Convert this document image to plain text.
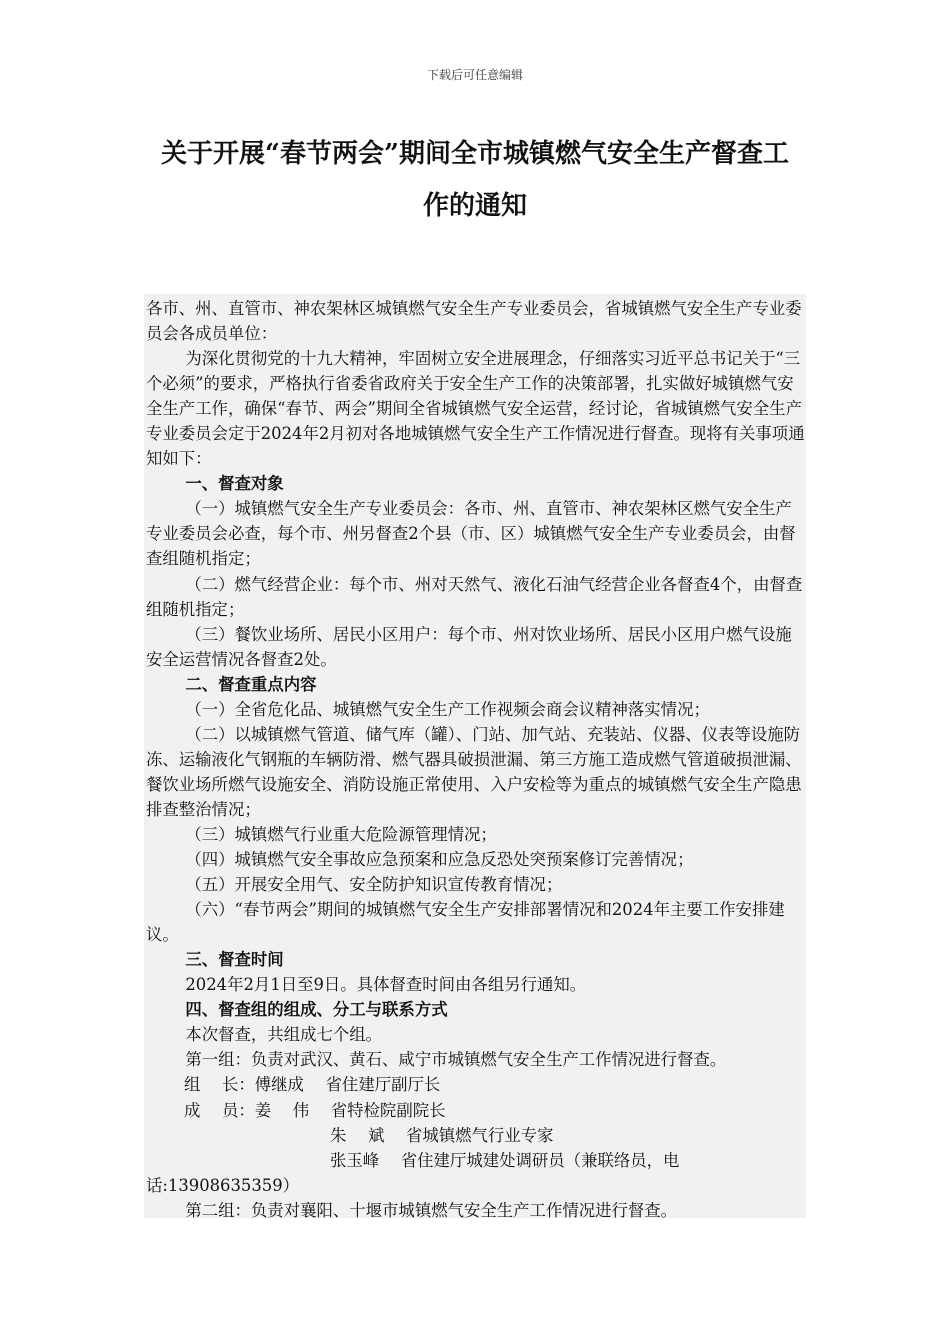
下载后可任意编辑
关于开展“春节两会”期间全市城镇燃气安全生产督查工
作的通知

各市、州、直管市、神农架林区城镇燃气安全生产专业委员会，省城镇燃气安全生产专业委员会各成员单位：

为深化贯彻党的十九大精神，牢固树立安全进展理念，仔细落实习近平总书记关于“三个必须”的要求，严格执行省委省政府关于安全生产工作的决策部署，扎实做好城镇燃气安全生产工作，确保“春节、两会”期间全省城镇燃气安全运营，经讨论，省城镇燃气安全生产专业委员会定于2024年2月初对各地城镇燃气安全生产工作情况进行督查。现将有关事项通知如下：

一、督查对象

（一）城镇燃气安全生产专业委员会：各市、州、直管市、神农架林区燃气安全生产专业委员会必查，每个市、州另督查2个县（市、区）城镇燃气安全生产专业委员会，由督查组随机指定；

（二）燃气经营企业：每个市、州对天然气、液化石油气经营企业各督查4个，由督查组随机指定；

（三）餐饮业场所、居民小区用户：每个市、州对饮业场所、居民小区用户燃气设施安全运营情况各督查2处。

二、督查重点内容

（一）全省危化品、城镇燃气安全生产工作视频会商会议精神落实情况；

（二）以城镇燃气管道、储气库（罐）、门站、加气站、充装站、仪器、仪表等设施防冻、运输液化气钢瓶的车辆防滑、燃气器具破损泄漏、第三方施工造成燃气管道破损泄漏、餐饮业场所燃气设施安全、消防设施正常使用、入户安检等为重点的城镇燃气安全生产隐患排查整治情况；

（三）城镇燃气行业重大危险源管理情况；

（四）城镇燃气安全事故应急预案和应急反恐处突预案修订完善情况；

（五）开展安全用气、安全防护知识宣传教育情况；

（六）“春节两会”期间的城镇燃气安全生产安排部署情况和2024年主要工作安排建议。

三、督查时间

2024年2月1日至9日。具体督查时间由各组另行通知。

四、督查组的组成、分工与联系方式

本次督查，共组成七个组。

第一组：负责对武汉、黄石、咸宁市城镇燃气安全生产工作情况进行督查。

组　 长：傅继成　 省住建厅副厅长

成　 员：姜　 伟　 省特检院副院长

朱　 斌　 省城镇燃气行业专家

张玉峰　 省住建厅城建处调研员（兼联络员，电

话:13908635359）

第二组：负责对襄阳、十堰市城镇燃气安全生产工作情况进行督查。
